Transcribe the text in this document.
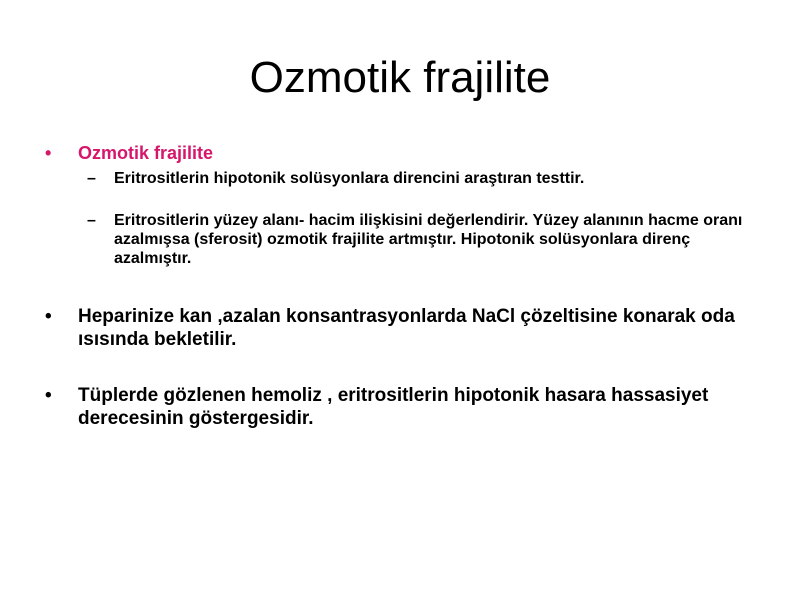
Ozmotik frajilite
• Ozmotik frajilite
– Eritrositlerin hipotonik solüsyonlara direncini araştıran testtir.
– Eritrositlerin yüzey alanı- hacim ilişkisini değerlendirir. Yüzey alanının hacme oranı azalmışsa (sferosit) ozmotik frajilite artmıştır. Hipotonik solüsyonlara direnç azalmıştır.
• Heparinize kan ,azalan konsantrasyonlarda NaCl çözeltisine konarak oda ısısında bekletilir.
• Tüplerde gözlenen hemoliz , eritrositlerin hipotonik hasara hassasiyet derecesinin göstergesidir.
